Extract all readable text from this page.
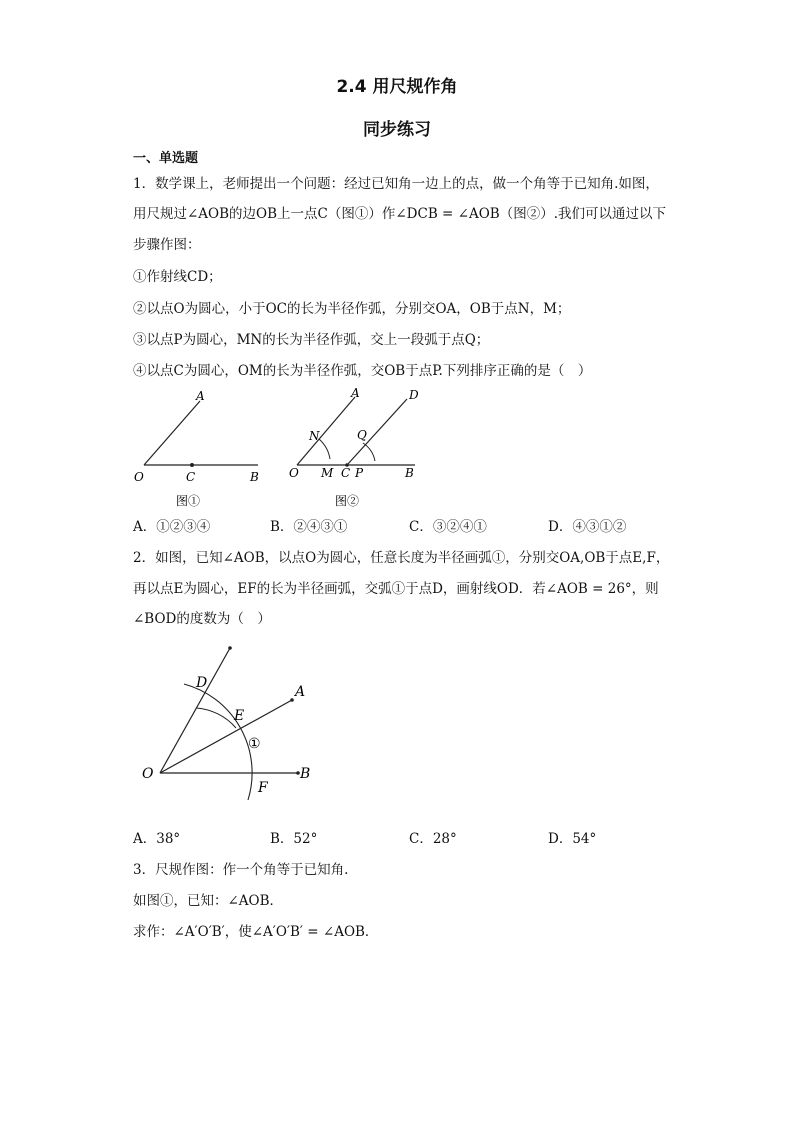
2.4 用尺规作角
同步练习
一、单选题
1．数学课上，老师提出一个问题：经过已知角一边上的点，做一个角等于已知角.如图，
用尺规过∠AOB的边OB上一点C（图①）作∠DCB = ∠AOB（图②）.我们可以通过以下
步骤作图：
①作射线CD；
②以点O为圆心，小于OC的长为半径作弧，分别交OA，OB于点N，M；
③以点P为圆心，MN的长为半径作弧，交上一段弧于点Q；
④以点C为圆心，OM的长为半径作弧，交OB于点P.下列排序正确的是（　）
A
O	C	B
图①
A	D
N	Q
O M C P	B
图②
A．①②③④	B．②④③①	C．③②④①	D．④③①②
2．如图，已知∠AOB，以点O为圆心，任意长度为半径画弧①，分别交OA,OB于点E,F，
再以点E为圆心，EF的长为半径画弧，交弧①于点D，画射线OD．若∠AOB = 26°，则
∠BOD的度数为（　）
D
A
E
①
O	B
F
A．38°	B．52°	C．28°	D．54°
3．尺规作图：作一个角等于已知角.
如图①，已知：∠AOB．
求作：∠A′O′B′，使∠A′O′B′ = ∠AOB．
